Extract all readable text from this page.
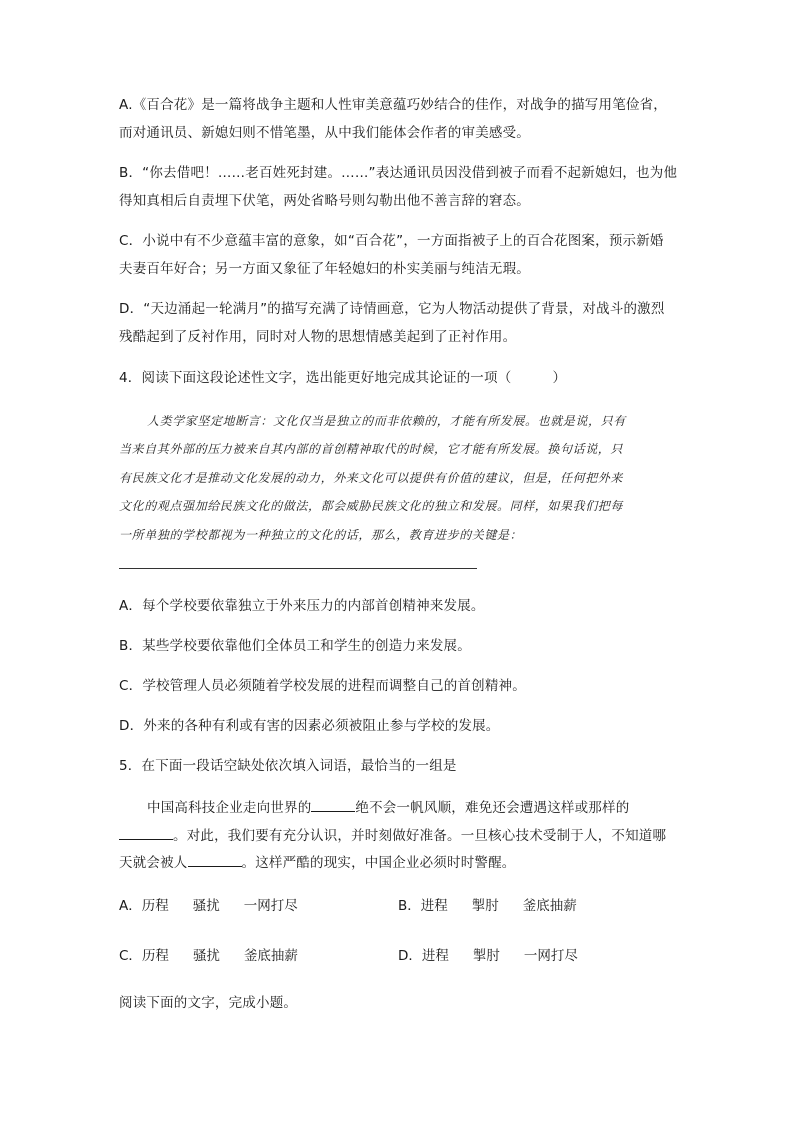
A.《百合花》是一篇将战争主题和人性审美意蕴巧妙结合的佳作，对战争的描写用笔俭省，
而对通讯员、新媳妇则不惜笔墨，从中我们能体会作者的审美感受。
B．“你去借吧！……老百姓死封建。……”表达通讯员因没借到被子而看不起新媳妇，也为他
得知真相后自责埋下伏笔，两处省略号则勾勒出他不善言辞的窘态。
C．小说中有不少意蕴丰富的意象，如“百合花”，一方面指被子上的百合花图案，预示新婚
夫妻百年好合；另一方面又象征了年轻媳妇的朴实美丽与纯洁无瑕。
D．“天边涌起一轮满月”的描写充满了诗情画意，它为人物活动提供了背景，对战斗的激烈
残酷起到了反衬作用，同时对人物的思想情感美起到了正衬作用。
4．阅读下面这段论述性文字，选出能更好地完成其论证的一项（　　　）
人类学家坚定地断言：文化仅当是独立的而非依赖的，才能有所发展。也就是说，只有
当来自其外部的压力被来自其内部的首创精神取代的时候，它才能有所发展。换句话说，只
有民族文化才是推动文化发展的动力，外来文化可以提供有价值的建议，但是，任何把外来
文化的观点强加给民族文化的做法，都会威胁民族文化的独立和发展。同样，如果我们把每
一所单独的学校都视为一种独立的文化的话，那么，教育进步的关键是：
A．每个学校要依靠独立于外来压力的内部首创精神来发展。
B．某些学校要依靠他们全体员工和学生的创造力来发展。
C．学校管理人员必须随着学校发展的进程而调整自己的首创精神。
D．外来的各种有利或有害的因素必须被阻止参与学校的发展。
5．在下面一段话空缺处依次填入词语，最恰当的一组是
中国高科技企业走向世界的	绝不会一帆风顺，难免还会遭遇这样或那样的
。对此，我们要有充分认识，并时刻做好准备。一旦核心技术受制于人，不知道哪
天就会被人	。这样严酷的现实，中国企业必须时时警醒。
A．历程 骚扰 一网打尽	B．进程 掣肘 釜底抽薪
C．历程 骚扰 釜底抽薪	D．进程 掣肘 一网打尽
阅读下面的文字，完成小题。
